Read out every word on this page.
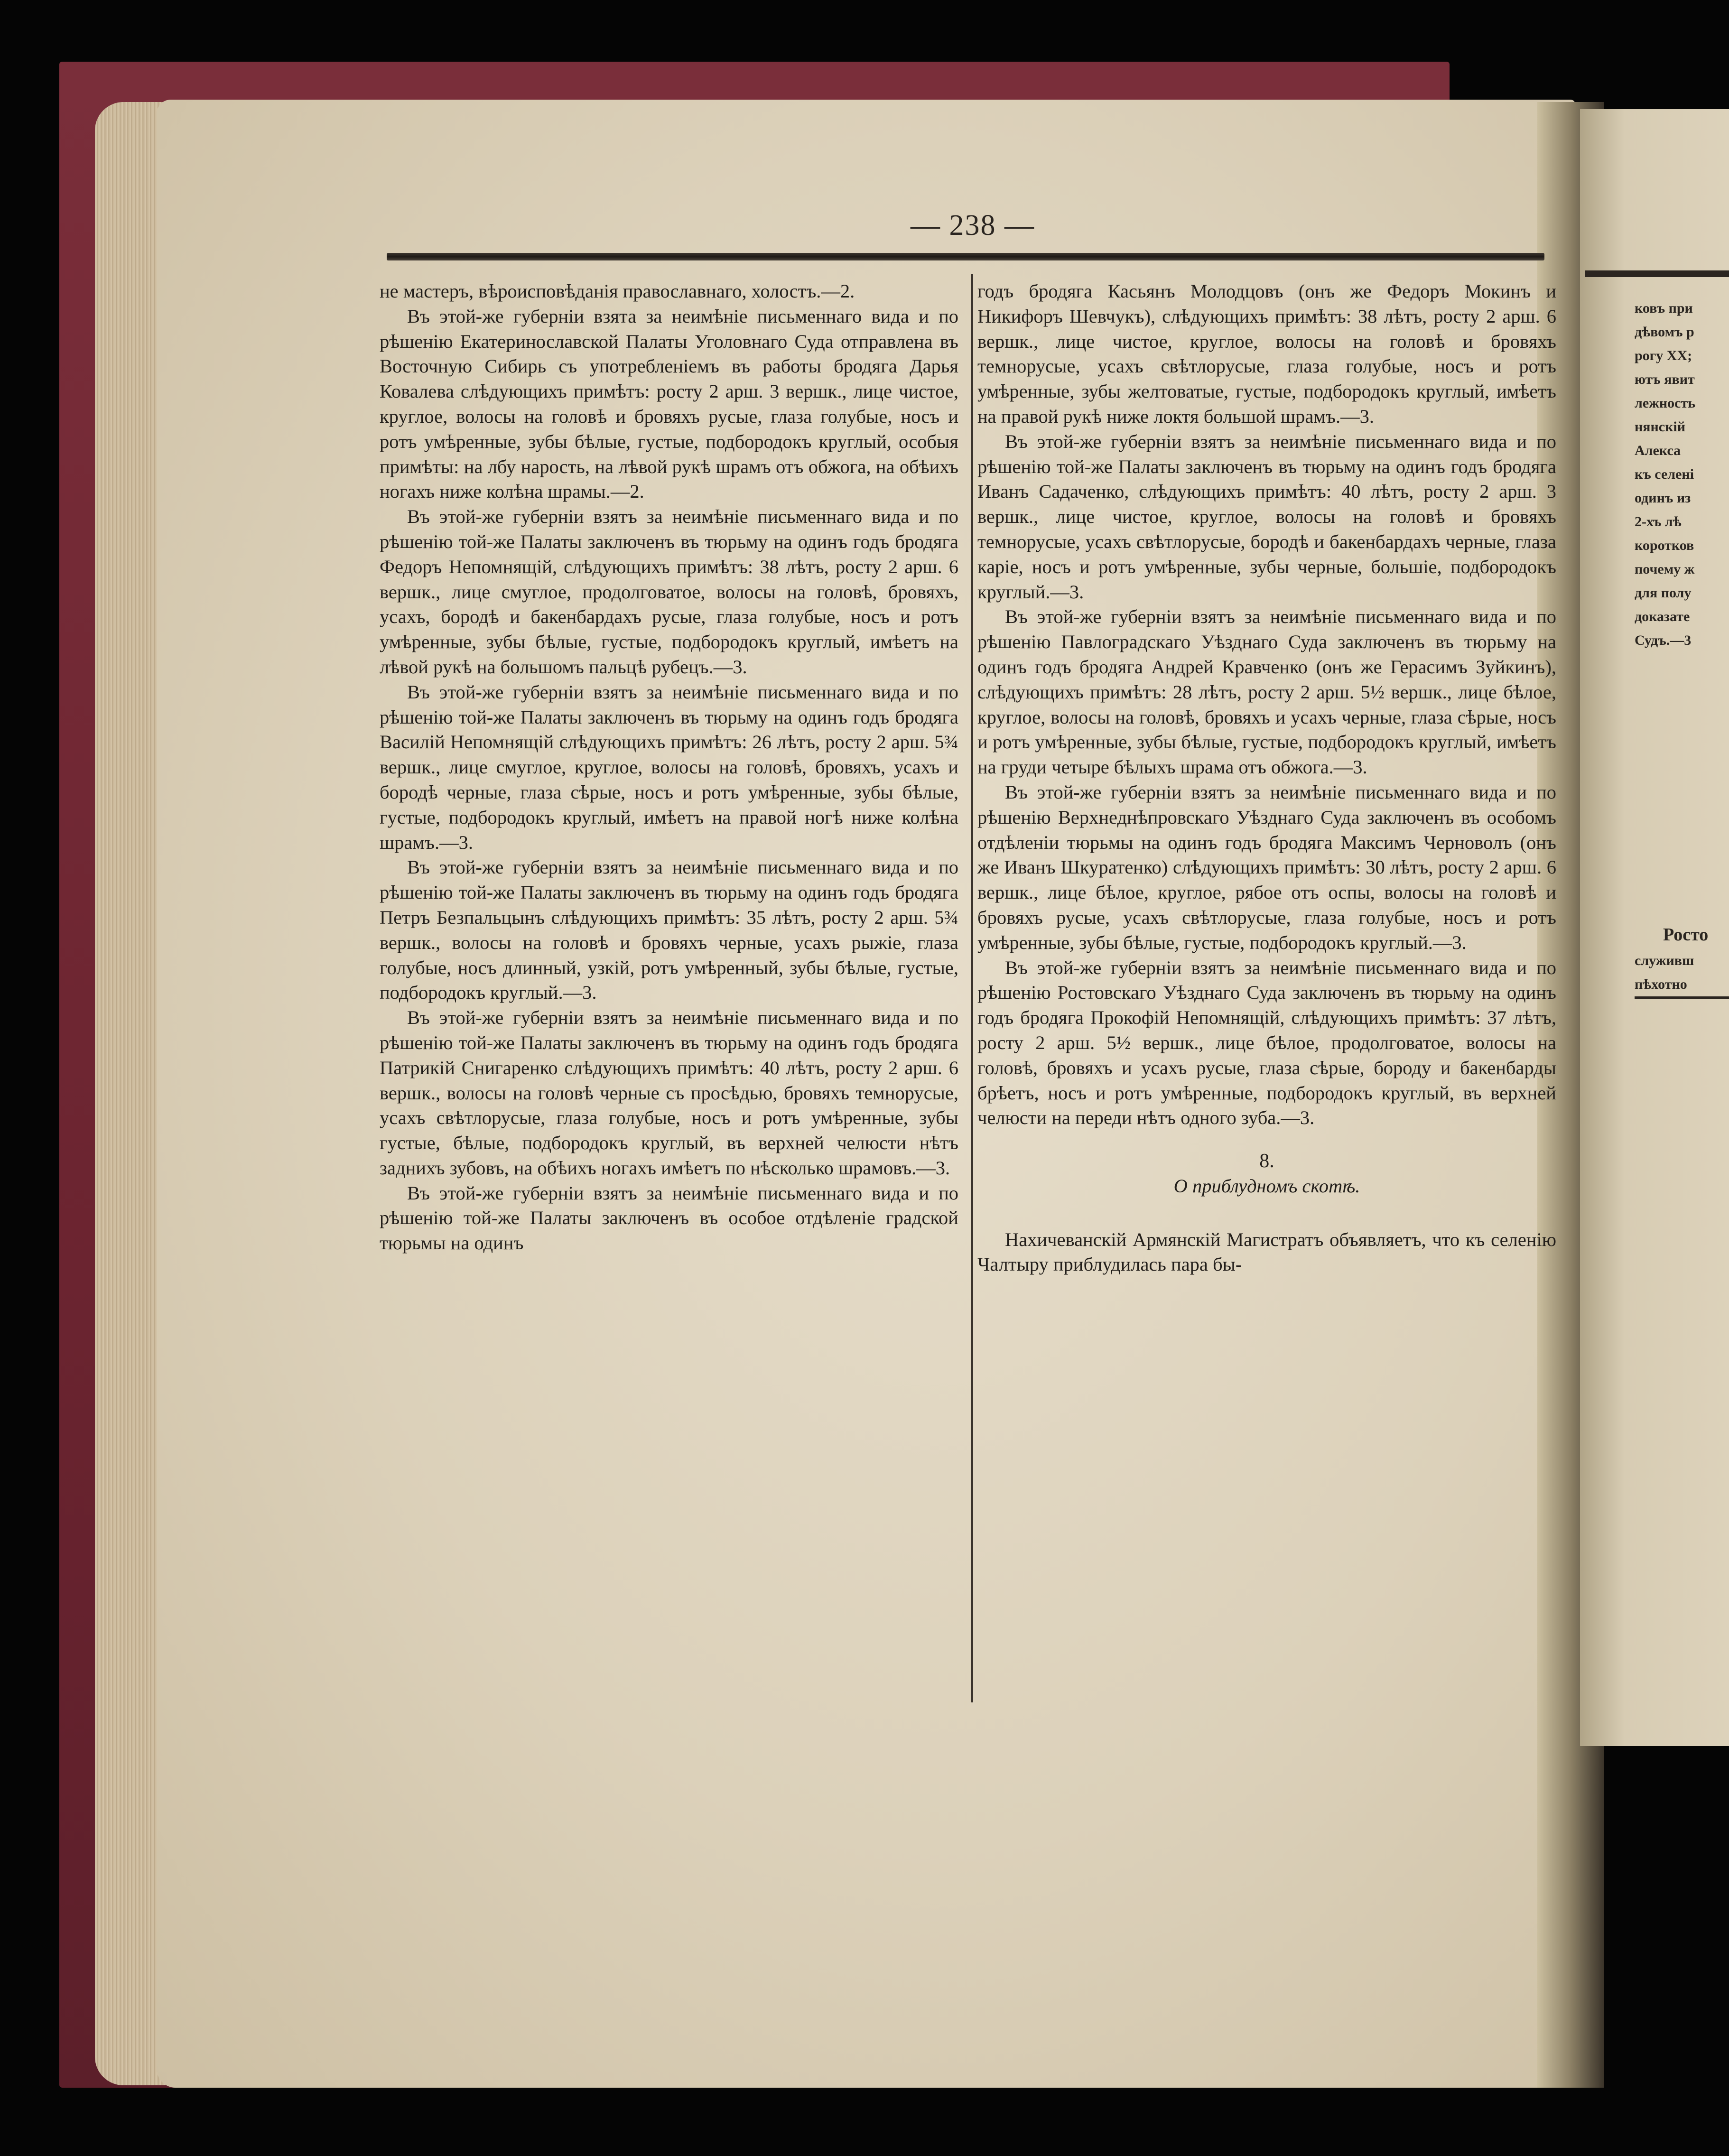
ковъ при
дѣвомъ р
рогу XX;
ютъ явит
лежность
нянскій
Алекса
къ селені
одинъ из
2-хъ лѣ
коротков
почему ж
для полу
доказате
Судъ.—3
Росто
служивш
пѣхотно
— 238 —

не мастеръ, вѣроисповѣданія православнаго, холостъ.—2.

Въ этой-же губерніи взята за неимѣніе письменнаго вида и по рѣшенію Екатеринославской Палаты Уголовнаго Суда отправлена въ Восточную Сибирь съ употребленіемъ въ работы бродяга Дарья Ковалева слѣдующихъ примѣтъ: росту 2 арш. 3 вершк., лице чистое, круглое, волосы на головѣ и бровяхъ русые, глаза голубые, носъ и ротъ умѣренные, зубы бѣлые, густые, подбородокъ круглый, особыя примѣты: на лбу нарость, на лѣвой рукѣ шрамъ отъ обжога, на обѣихъ ногахъ ниже колѣна шрамы.—2.

Въ этой-же губерніи взятъ за неимѣніе письменнаго вида и по рѣшенію той-же Палаты заключенъ въ тюрьму на одинъ годъ бродяга Федоръ Непомнящій, слѣдующихъ примѣтъ: 38 лѣтъ, росту 2 арш. 6 вершк., лице смуглое, продолговатое, волосы на головѣ, бровяхъ, усахъ, бородѣ и бакенбардахъ русые, глаза голубые, носъ и ротъ умѣренные, зубы бѣлые, густые, подбородокъ круглый, имѣетъ на лѣвой рукѣ на большомъ пальцѣ рубецъ.—3.

Въ этой-же губерніи взятъ за неимѣніе письменнаго вида и по рѣшенію той-же Палаты заключенъ въ тюрьму на одинъ годъ бродяга Василій Непомнящій слѣдующихъ примѣтъ: 26 лѣтъ, росту 2 арш. 5¾ вершк., лице смуглое, круглое, волосы на головѣ, бровяхъ, усахъ и бородѣ черные, глаза сѣрые, носъ и ротъ умѣренные, зубы бѣлые, густые, подбородокъ круглый, имѣетъ на правой ногѣ ниже колѣна шрамъ.—3.

Въ этой-же губерніи взятъ за неимѣніе письменнаго вида и по рѣшенію той-же Палаты заключенъ въ тюрьму на одинъ годъ бродяга Петръ Безпальцынъ слѣдующихъ примѣтъ: 35 лѣтъ, росту 2 арш. 5¾ вершк., волосы на головѣ и бровяхъ черные, усахъ рыжіе, глаза голубые, носъ длинный, узкій, ротъ умѣренный, зубы бѣлые, густые, подбородокъ круглый.—3.

Въ этой-же губерніи взятъ за неимѣніе письменнаго вида и по рѣшенію той-же Палаты заключенъ въ тюрьму на одинъ годъ бродяга Патрикій Снигаренко слѣдующихъ примѣтъ: 40 лѣтъ, росту 2 арш. 6 вершк., волосы на головѣ черные съ просѣдью, бровяхъ темнорусые, усахъ свѣтлорусые, глаза голубые, носъ и ротъ умѣренные, зубы густые, бѣлые, подбородокъ круглый, въ верхней челюсти нѣтъ заднихъ зубовъ, на обѣихъ ногахъ имѣетъ по нѣсколько шрамовъ.—3.

Въ этой-же губерніи взятъ за неимѣніе письменнаго вида и по рѣшенію той-же Палаты заключенъ въ особое отдѣленіе градской тюрьмы на одинъ

годъ бродяга Касьянъ Молодцовъ (онъ же Федоръ Мокинъ и Никифоръ Шевчукъ), слѣдующихъ примѣтъ: 38 лѣтъ, росту 2 арш. 6 вершк., лице чистое, круглое, волосы на головѣ и бровяхъ темнорусые, усахъ свѣтлорусые, глаза голубые, носъ и ротъ умѣренные, зубы желтоватые, густые, подбородокъ круглый, имѣетъ на правой рукѣ ниже локтя большой шрамъ.—3.

Въ этой-же губерніи взятъ за неимѣніе письменнаго вида и по рѣшенію той-же Палаты заключенъ въ тюрьму на одинъ годъ бродяга Иванъ Садаченко, слѣдующихъ примѣтъ: 40 лѣтъ, росту 2 арш. 3 вершк., лице чистое, круглое, волосы на головѣ и бровяхъ темнорусые, усахъ свѣтлорусые, бородѣ и бакенбардахъ черные, глаза каріе, носъ и ротъ умѣренные, зубы черные, большіе, подбородокъ круглый.—3.

Въ этой-же губерніи взятъ за неимѣніе письменнаго вида и по рѣшенію Павлоградскаго Уѣзднаго Суда заключенъ въ тюрьму на одинъ годъ бродяга Андрей Кравченко (онъ же Герасимъ Зуйкинъ), слѣдующихъ примѣтъ: 28 лѣтъ, росту 2 арш. 5½ вершк., лице бѣлое, круглое, волосы на головѣ, бровяхъ и усахъ черные, глаза сѣрые, носъ и ротъ умѣренные, зубы бѣлые, густые, подбородокъ круглый, имѣетъ на груди четыре бѣлыхъ шрама отъ обжога.—3.

Въ этой-же губерніи взятъ за неимѣніе письменнаго вида и по рѣшенію Верхнеднѣпровскаго Уѣзднаго Суда заключенъ въ особомъ отдѣленіи тюрьмы на одинъ годъ бродяга Максимъ Черноволъ (онъ же Иванъ Шкуратенко) слѣдующихъ примѣтъ: 30 лѣтъ, росту 2 арш. 6 вершк., лице бѣлое, круглое, рябое отъ оспы, волосы на головѣ и бровяхъ русые, усахъ свѣтлорусые, глаза голубые, носъ и ротъ умѣренные, зубы бѣлые, густые, подбородокъ круглый.—3.

Въ этой-же губерніи взятъ за неимѣніе письменнаго вида и по рѣшенію Ростовскаго Уѣзднаго Суда заключенъ въ тюрьму на одинъ годъ бродяга Прокофій Непомнящій, слѣдующихъ примѣтъ: 37 лѣтъ, росту 2 арш. 5½ вершк., лице бѣлое, продолговатое, волосы на головѣ, бровяхъ и усахъ русые, глаза сѣрые, бороду и бакенбарды брѣетъ, носъ и ротъ умѣренные, подбородокъ круглый, въ верхней челюсти на переди нѣтъ одного зуба.—3.

8.

О приблудномъ скотѣ.

Нахичеванскій Армянскій Магистратъ объявляетъ, что къ селенію Чалтыру приблудилась пара бы-
